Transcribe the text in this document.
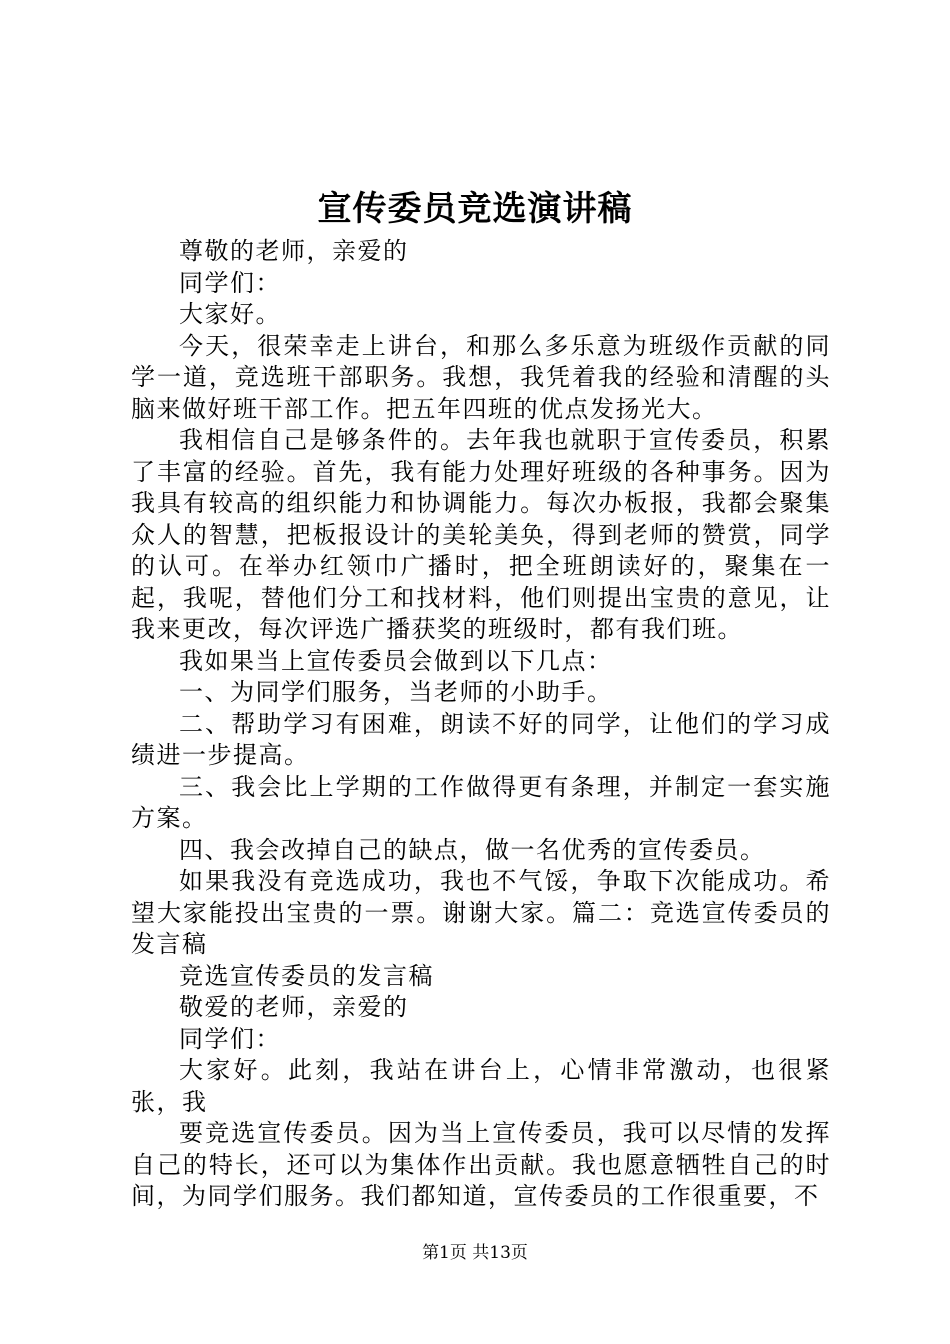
宣传委员竞选演讲稿

尊敬的老师，亲爱的

同学们：

大家好。

今天，很荣幸走上讲台，和那么多乐意为班级作贡献的同学一道，竞选班干部职务。我想，我凭着我的经验和清醒的头脑来做好班干部工作。把五年四班的优点发扬光大。

我相信自己是够条件的。去年我也就职于宣传委员，积累了丰富的经验。首先，我有能力处理好班级的各种事务。因为我具有较高的组织能力和协调能力。每次办板报，我都会聚集众人的智慧，把板报设计的美轮美奂，得到老师的赞赏，同学的认可。在举办红领巾广播时，把全班朗读好的，聚集在一起，我呢，替他们分工和找材料，他们则提出宝贵的意见，让我来更改，每次评选广播获奖的班级时，都有我们班。

我如果当上宣传委员会做到以下几点：

一、为同学们服务，当老师的小助手。

二、帮助学习有困难，朗读不好的同学，让他们的学习成绩进一步提高。

三、我会比上学期的工作做得更有条理，并制定一套实施方案。

四、我会改掉自己的缺点，做一名优秀的宣传委员。

如果我没有竞选成功，我也不气馁，争取下次能成功。希望大家能投出宝贵的一票。谢谢大家。篇二：竞选宣传委员的发言稿

竞选宣传委员的发言稿

敬爱的老师，亲爱的

同学们：

大家好。此刻，我站在讲台上，心情非常激动，也很紧张，我

要竞选宣传委员。因为当上宣传委员，我可以尽情的发挥自己的特长，还可以为集体作出贡献。我也愿意牺牲自己的时间，为同学们服务。我们都知道，宣传委员的工作很重要，不

第1页 共13页
